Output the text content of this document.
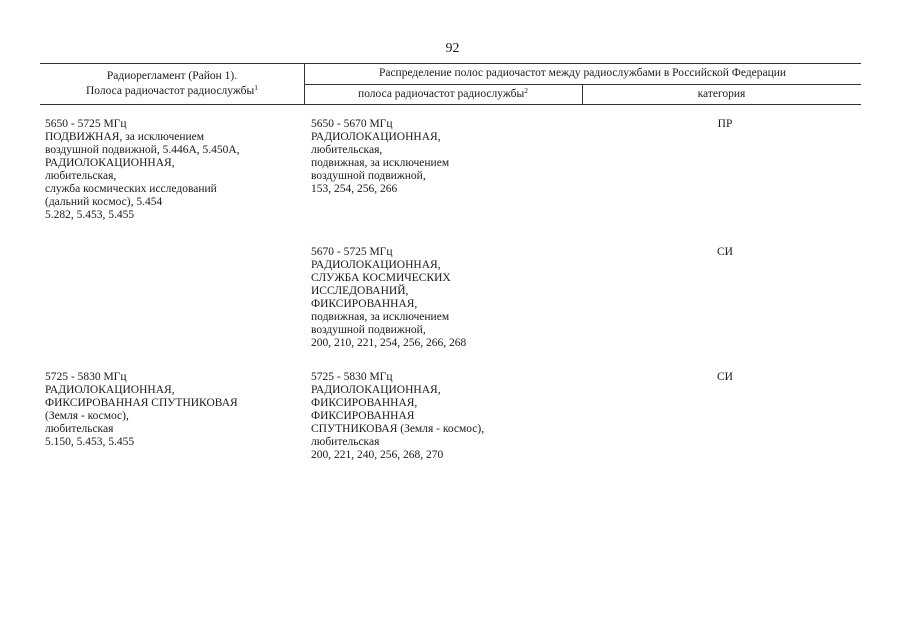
92
Радиорегламент (Район 1).
Полоса радиочастот радиослужбы$^1$
Распределение полос радиочастот между радиослужбами в Российской Федерации
полоса радиочастот радиослужбы$^2$	категория
5650 - 5725 МГц
ПОДВИЖНАЯ, за исключением
воздушной подвижной, 5.446А, 5.450А,
РАДИОЛОКАЦИОННАЯ,
любительская,
служба космических исследований
(дальний космос), 5.454
5.282, 5.453, 5.455
5650 - 5670 МГц
РАДИОЛОКАЦИОННАЯ,
любительская,
подвижная, за исключением
воздушной подвижной,
153, 254, 256, 266
ПР
5670 - 5725 МГц
РАДИОЛОКАЦИОННАЯ,
СЛУЖБА КОСМИЧЕСКИХ
ИССЛЕДОВАНИЙ,
ФИКСИРОВАННАЯ,
подвижная, за исключением
воздушной подвижной,
200, 210, 221, 254, 256, 266, 268
СИ
5725 - 5830 МГц
РАДИОЛОКАЦИОННАЯ,
ФИКСИРОВАННАЯ СПУТНИКОВАЯ
(Земля - космос),
любительская
5.150, 5.453, 5.455
5725 - 5830 МГц
РАДИОЛОКАЦИОННАЯ,
ФИКСИРОВАННАЯ,
ФИКСИРОВАННАЯ
СПУТНИКОВАЯ (Земля - космос),
любительская
200, 221, 240, 256, 268, 270
СИ
